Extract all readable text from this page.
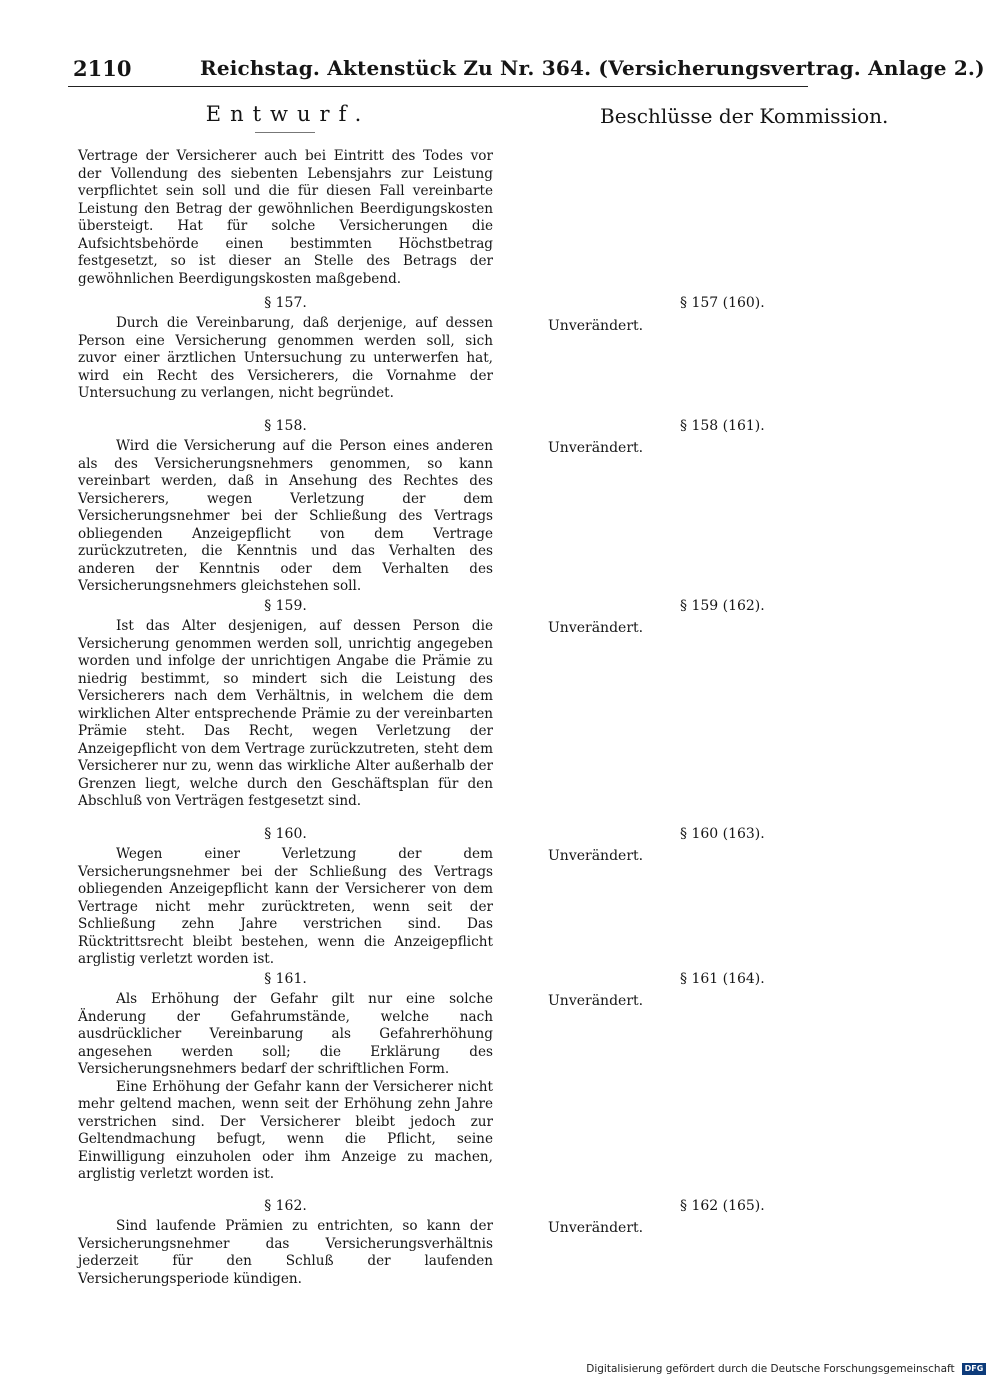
2110	Reichstag. Aktenstück Zu Nr. 364. (Versicherungsvertrag. Anlage 2.)
Entwurf.	Beschlüsse der Kommission.

Vertrage der Versicherer auch bei Eintritt des Todes vor der Vollendung des siebenten Lebensjahrs zur Leistung verpflichtet sein soll und die für diesen Fall vereinbarte Leistung den Betrag der gewöhnlichen Beerdigungskosten übersteigt. Hat für solche Versicherungen die Aufsichtsbehörde einen bestimmten Höchstbetrag festgesetzt, so ist dieser an Stelle des Betrags der gewöhnlichen Beerdigungskosten maßgebend.

§ 157.

Durch die Vereinbarung, daß derjenige, auf dessen Person eine Versicherung genommen werden soll, sich zuvor einer ärztlichen Untersuchung zu unterwerfen hat, wird ein Recht des Versicherers, die Vornahme der Untersuchung zu verlangen, nicht begründet.

§ 157 (160).
Unverändert.

§ 158.

Wird die Versicherung auf die Person eines anderen als des Versicherungsnehmers genommen, so kann vereinbart werden, daß in Ansehung des Rechtes des Versicherers, wegen Verletzung der dem Versicherungsnehmer bei der Schließung des Vertrags obliegenden Anzeigepflicht von dem Vertrage zurückzutreten, die Kenntnis und das Verhalten des anderen der Kenntnis oder dem Verhalten des Versicherungsnehmers gleichstehen soll.

§ 158 (161).
Unverändert.

§ 159.

Ist das Alter desjenigen, auf dessen Person die Versicherung genommen werden soll, unrichtig angegeben worden und infolge der unrichtigen Angabe die Prämie zu niedrig bestimmt, so mindert sich die Leistung des Versicherers nach dem Verhältnis, in welchem die dem wirklichen Alter entsprechende Prämie zu der vereinbarten Prämie steht. Das Recht, wegen Verletzung der Anzeigepflicht von dem Vertrage zurückzutreten, steht dem Versicherer nur zu, wenn das wirkliche Alter außerhalb der Grenzen liegt, welche durch den Geschäftsplan für den Abschluß von Verträgen festgesetzt sind.

§ 159 (162).
Unverändert.

§ 160.

Wegen einer Verletzung der dem Versicherungsnehmer bei der Schließung des Vertrags obliegenden Anzeigepflicht kann der Versicherer von dem Vertrage nicht mehr zurücktreten, wenn seit der Schließung zehn Jahre verstrichen sind. Das Rücktrittsrecht bleibt bestehen, wenn die Anzeigepflicht arglistig verletzt worden ist.

§ 160 (163).
Unverändert.

§ 161.

Als Erhöhung der Gefahr gilt nur eine solche Änderung der Gefahrumstände, welche nach ausdrücklicher Vereinbarung als Gefahrerhöhung angesehen werden soll; die Erklärung des Versicherungsnehmers bedarf der schriftlichen Form.

Eine Erhöhung der Gefahr kann der Versicherer nicht mehr geltend machen, wenn seit der Erhöhung zehn Jahre verstrichen sind. Der Versicherer bleibt jedoch zur Geltendmachung befugt, wenn die Pflicht, seine Einwilligung einzuholen oder ihm Anzeige zu machen, arglistig verletzt worden ist.

§ 161 (164).
Unverändert.

§ 162.

Sind laufende Prämien zu entrichten, so kann der Versicherungsnehmer das Versicherungsverhältnis jederzeit für den Schluß der laufenden Versicherungsperiode kündigen.

§ 162 (165).
Unverändert.
Digitalisierung gefördert durch die Deutsche Forschungsgemeinschaft DFG
